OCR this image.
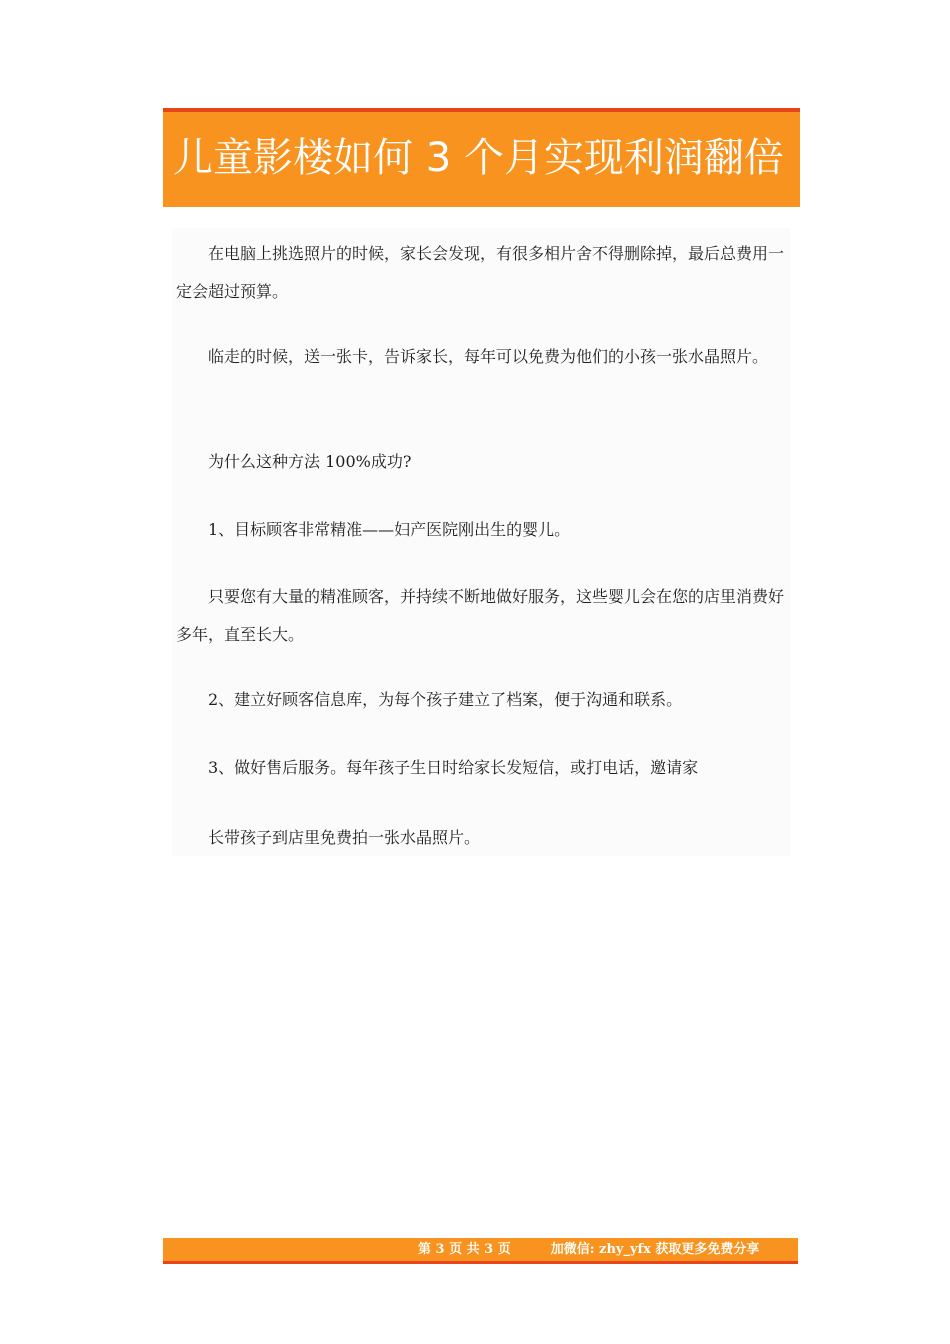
儿童影楼如何 3 个月实现利润翻倍

在电脑上挑选照片的时候，家长会发现，有很多相片舍不得删除掉，最后总费用一定会超过预算。

临走的时候，送一张卡，告诉家长，每年可以免费为他们的小孩一张水晶照片。

为什么这种方法 100%成功?

1、目标顾客非常精准——妇产医院刚出生的婴儿。

只要您有大量的精准顾客，并持续不断地做好服务，这些婴儿会在您的店里消费好多年，直至长大。

2、建立好顾客信息库，为每个孩子建立了档案，便于沟通和联系。

3、做好售后服务。每年孩子生日时给家长发短信，或打电话，邀请家

长带孩子到店里免费拍一张水晶照片。

第 3 页 共 3 页	加微信: zhy_yfx 获取更多免费分享
